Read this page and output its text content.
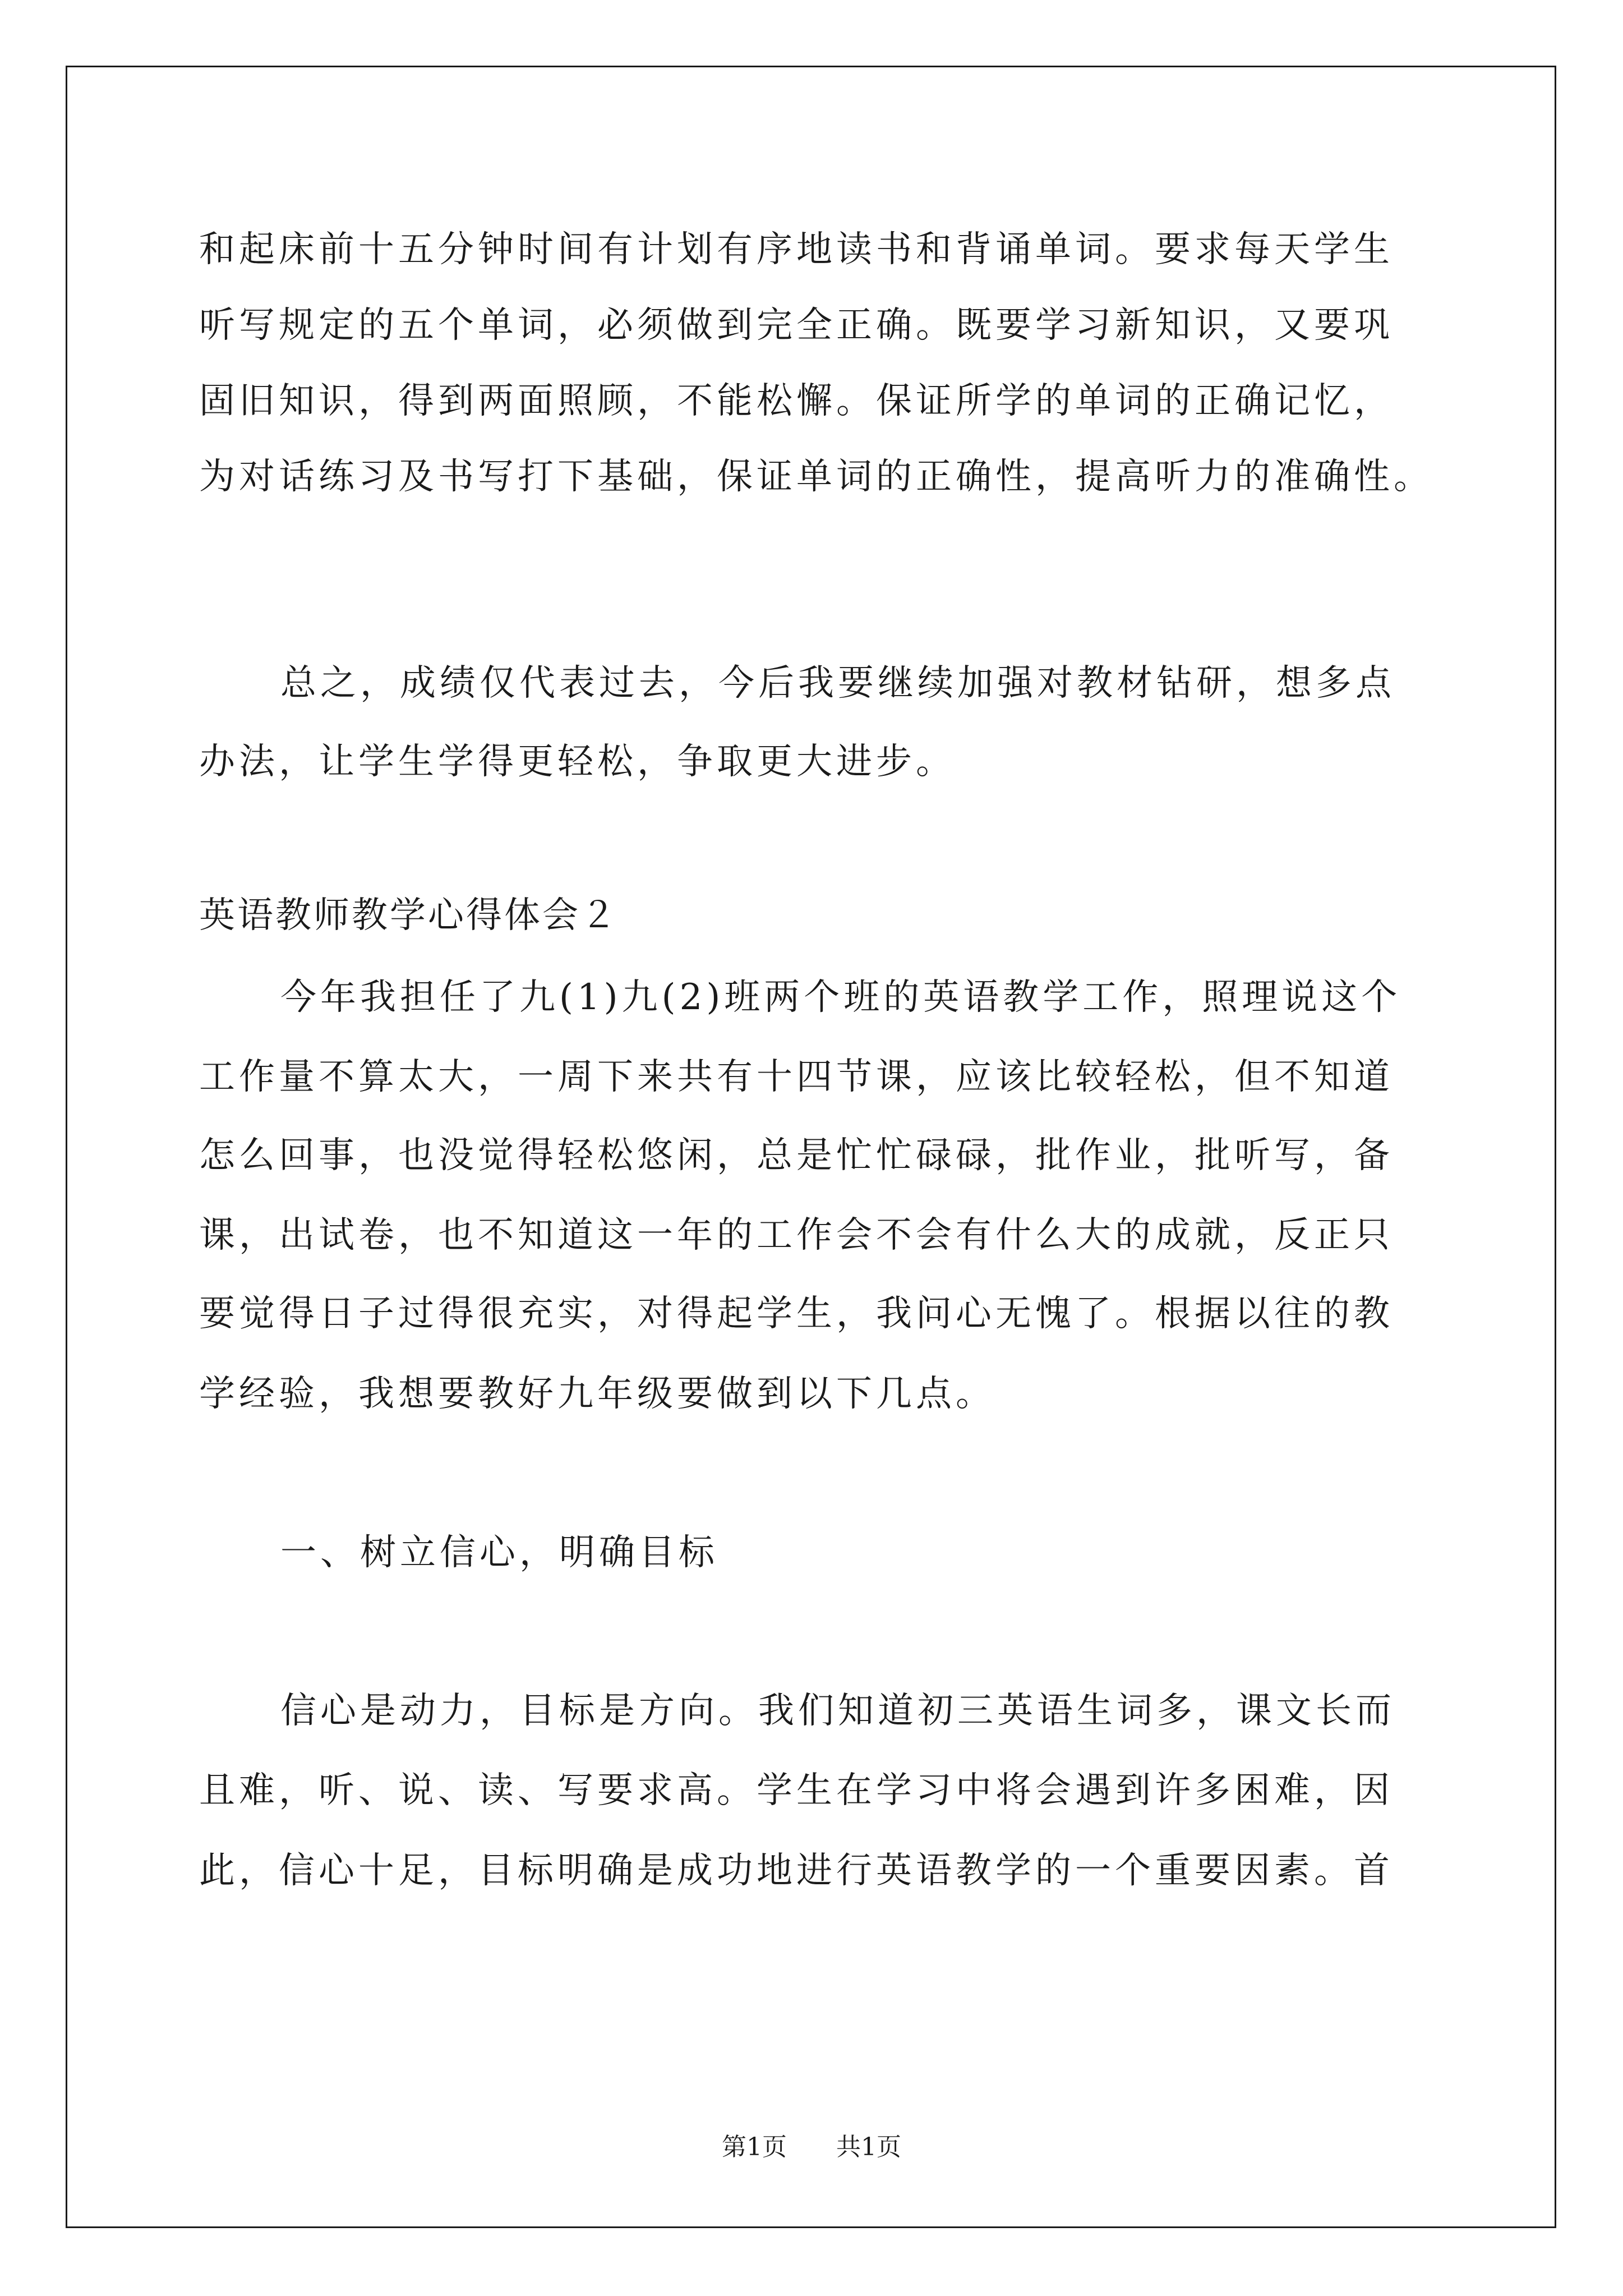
和起床前十五分钟时间有计划有序地读书和背诵单词。要求每天学生
听写规定的五个单词，必须做到完全正确。既要学习新知识，又要巩
固旧知识，得到两面照顾，不能松懈。保证所学的单词的正确记忆，
为对话练习及书写打下基础，保证单词的正确性，提高听力的准确性。
总之，成绩仅代表过去，今后我要继续加强对教材钻研，想多点
办法，让学生学得更轻松，争取更大进步。
英语教师教学心得体会２
今年我担任了九(1)九(2)班两个班的英语教学工作，照理说这个
工作量不算太大，一周下来共有十四节课，应该比较轻松，但不知道
怎么回事，也没觉得轻松悠闲，总是忙忙碌碌，批作业，批听写，备
课，出试卷，也不知道这一年的工作会不会有什么大的成就，反正只
要觉得日子过得很充实，对得起学生，我问心无愧了。根据以往的教
学经验，我想要教好九年级要做到以下几点。
一、树立信心，明确目标
信心是动力，目标是方向。我们知道初三英语生词多，课文长而
且难，听、说、读、写要求高。学生在学习中将会遇到许多困难，因
此，信心十足，目标明确是成功地进行英语教学的一个重要因素。首
第1页 共1页
